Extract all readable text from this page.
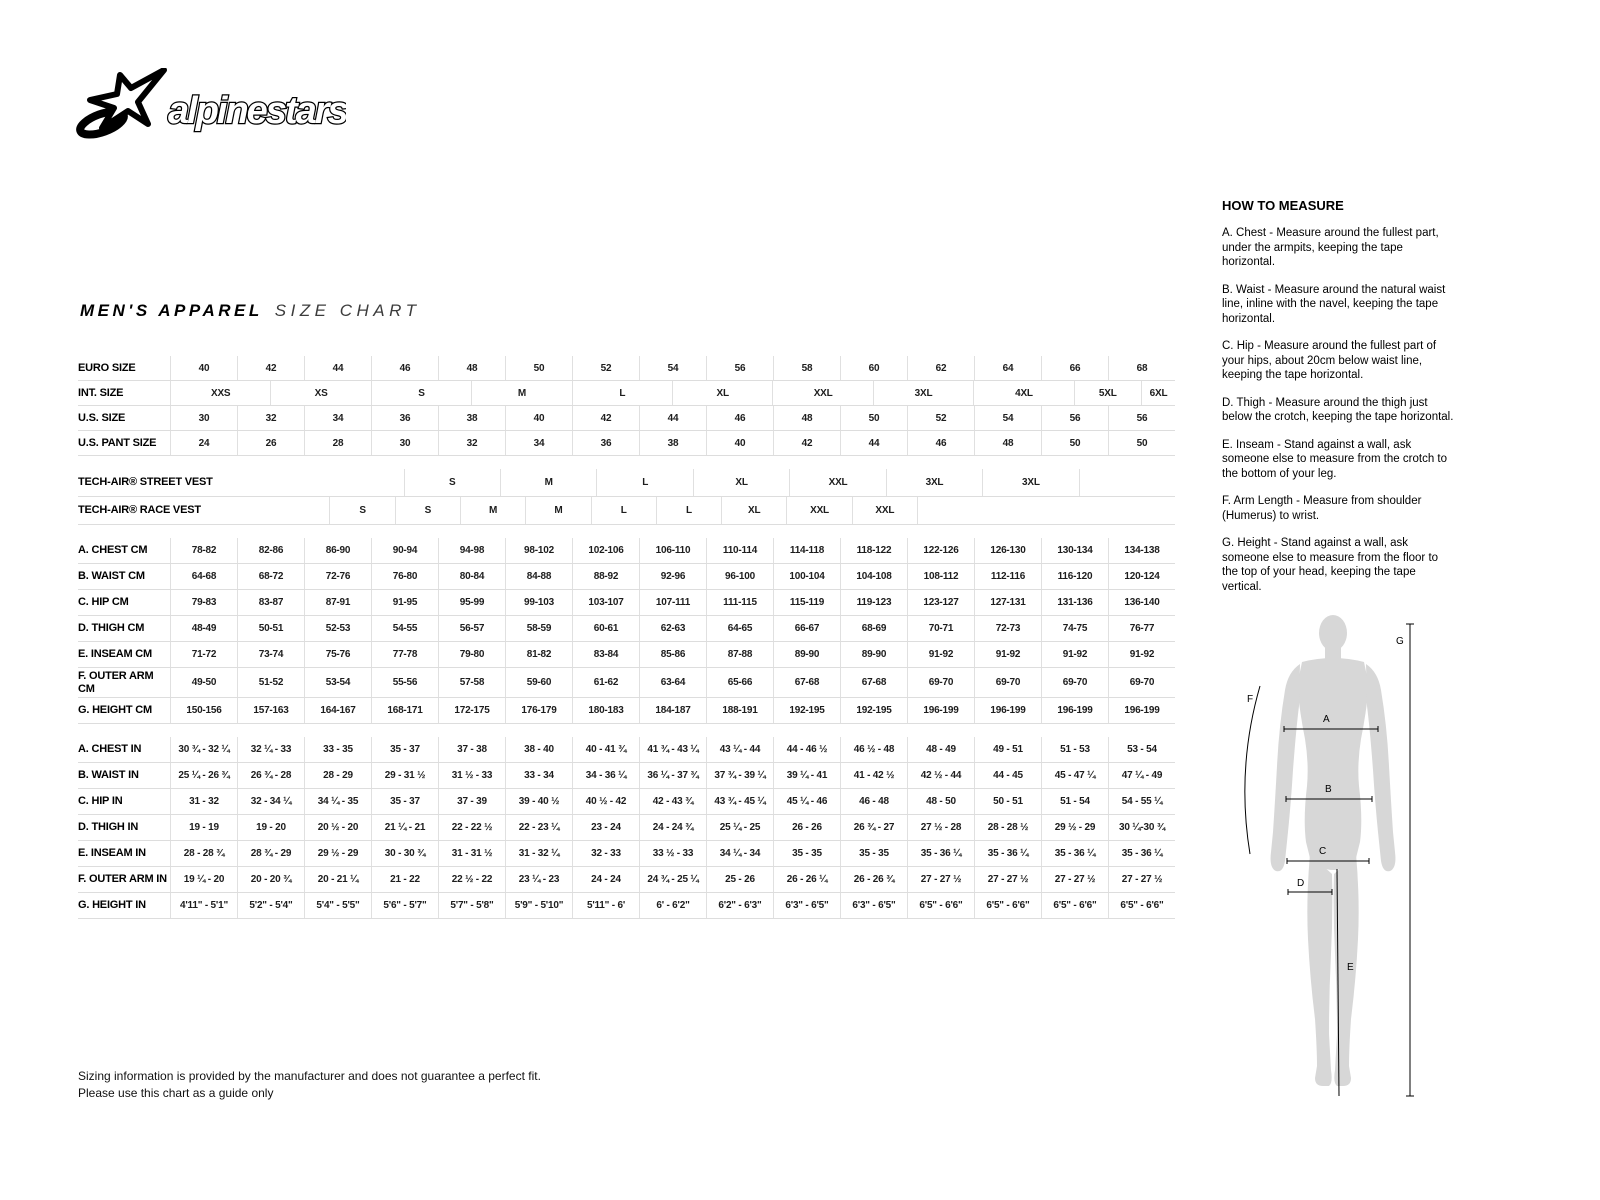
alpinestars
MEN'S APPAREL SIZE CHART
EURO SIZE	40	42	44	46	48	50	52	54	56	58	60	62	64	66	68
INT. SIZE	XXS	XS	S	M	L	XL	XXL	3XL	4XL	5XL	6XL
U.S. SIZE	30	32	34	36	38	40	42	44	46	48	50	52	54	56	56
U.S. PANT SIZE	24	26	28	30	32	34	36	38	40	42	44	46	48	50	50
TECH-AIR® STREET VEST	S	M	L	XL	XXL	3XL	3XL
TECH-AIR® RACE VEST	S	S	M	M	L	L	XL	XXL	XXL
A. CHEST CM	78-82	82-86	86-90	90-94	94-98	98-102	102-106	106-110	110-114	114-118	118-122	122-126	126-130	130-134	134-138
B. WAIST CM	64-68	68-72	72-76	76-80	80-84	84-88	88-92	92-96	96-100	100-104	104-108	108-112	112-116	116-120	120-124
C. HIP CM	79-83	83-87	87-91	91-95	95-99	99-103	103-107	107-111	111-115	115-119	119-123	123-127	127-131	131-136	136-140
D. THIGH CM	48-49	50-51	52-53	54-55	56-57	58-59	60-61	62-63	64-65	66-67	68-69	70-71	72-73	74-75	76-77
E. INSEAM CM	71-72	73-74	75-76	77-78	79-80	81-82	83-84	85-86	87-88	89-90	89-90	91-92	91-92	91-92	91-92
F. OUTER ARM CM	49-50	51-52	53-54	55-56	57-58	59-60	61-62	63-64	65-66	67-68	67-68	69-70	69-70	69-70	69-70
G. HEIGHT CM	150-156	157-163	164-167	168-171	172-175	176-179	180-183	184-187	188-191	192-195	192-195	196-199	196-199	196-199	196-199
A. CHEST IN	30 ¾ - 32 ¼	32 ¼ - 33	33 - 35	35 - 37	37 - 38	38 - 40	40 - 41 ¾	41 ¾ - 43 ¼	43 ¼ - 44	44 - 46 ½	46 ½ - 48	48 - 49	49 - 51	51 - 53	53 - 54
B. WAIST IN	25 ¼ - 26 ¾	26 ¾ - 28	28 - 29	29 - 31 ½	31 ½ - 33	33 - 34	34 - 36 ¼	36 ¼ - 37 ¾	37 ¾ - 39 ¼	39 ¼ - 41	41 - 42 ½	42 ½ - 44	44 - 45	45 - 47 ¼	47 ¼ - 49
C. HIP IN	31 - 32	32 - 34 ¼	34 ¼ - 35	35 - 37	37 - 39	39 - 40 ½	40 ½ - 42	42 - 43 ¾	43 ¾ - 45 ¼	45 ¼ - 46	46 - 48	48 - 50	50 - 51	51 - 54	54 - 55 ¼
D. THIGH IN	19 - 19	19 - 20	20 ½ - 20	21 ¼ - 21	22 - 22 ½	22 - 23 ¼	23 - 24	24 - 24 ¾	25 ¼ - 25	26 - 26	26 ¾ - 27	27 ½ - 28	28 - 28 ½	29 ½ - 29	30 ¼-30 ¾
E. INSEAM IN	28 - 28 ¾	28 ¾ - 29	29 ½ - 29	30 - 30 ¾	31 - 31 ½	31 - 32 ¼	32 - 33	33 ½ - 33	34 ¼ - 34	35 - 35	35 - 35	35 - 36 ¼	35 - 36 ¼	35 - 36 ¼	35 - 36 ¼
F. OUTER ARM IN	19 ¼ - 20	20 - 20 ¾	20 - 21 ¼	21 - 22	22 ½ - 22	23 ¼ - 23	24 - 24	24 ¾ - 25 ¼	25 - 26	26 - 26 ¼	26 - 26 ¾	27 - 27 ½	27 - 27 ½	27 - 27 ½	27 - 27 ½
G. HEIGHT IN	4'11" - 5'1"	5'2" - 5'4"	5'4" - 5'5"	5'6" - 5'7"	5'7" - 5'8"	5'9" - 5'10"	5'11" - 6'	6' - 6'2"	6'2" - 6'3"	6'3" - 6'5"	6'3" - 6'5"	6'5" - 6'6"	6'5" - 6'6"	6'5" - 6'6"	6'5" - 6'6"
HOW TO MEASURE

A. Chest - Measure around the fullest part, under the armpits, keeping the tape horizontal.

B. Waist - Measure around the natural waist line, inline with the navel, keeping the tape horizontal.

C. Hip - Measure around the fullest part of your hips, about 20cm below waist line, keeping the tape horizontal.

D. Thigh - Measure around the thigh just below the crotch, keeping the tape horizontal.

E. Inseam - Stand against a wall, ask someone else to measure from the crotch to the bottom of your leg.

F. Arm Length - Measure from shoulder (Humerus) to wrist.

G. Height - Stand against a wall, ask someone else to measure from the floor to the top of your head, keeping the tape vertical.

A
B
C
D
E
F
G
Sizing information is provided by the manufacturer and does not guarantee a perfect fit.
Please use this chart as a guide only
